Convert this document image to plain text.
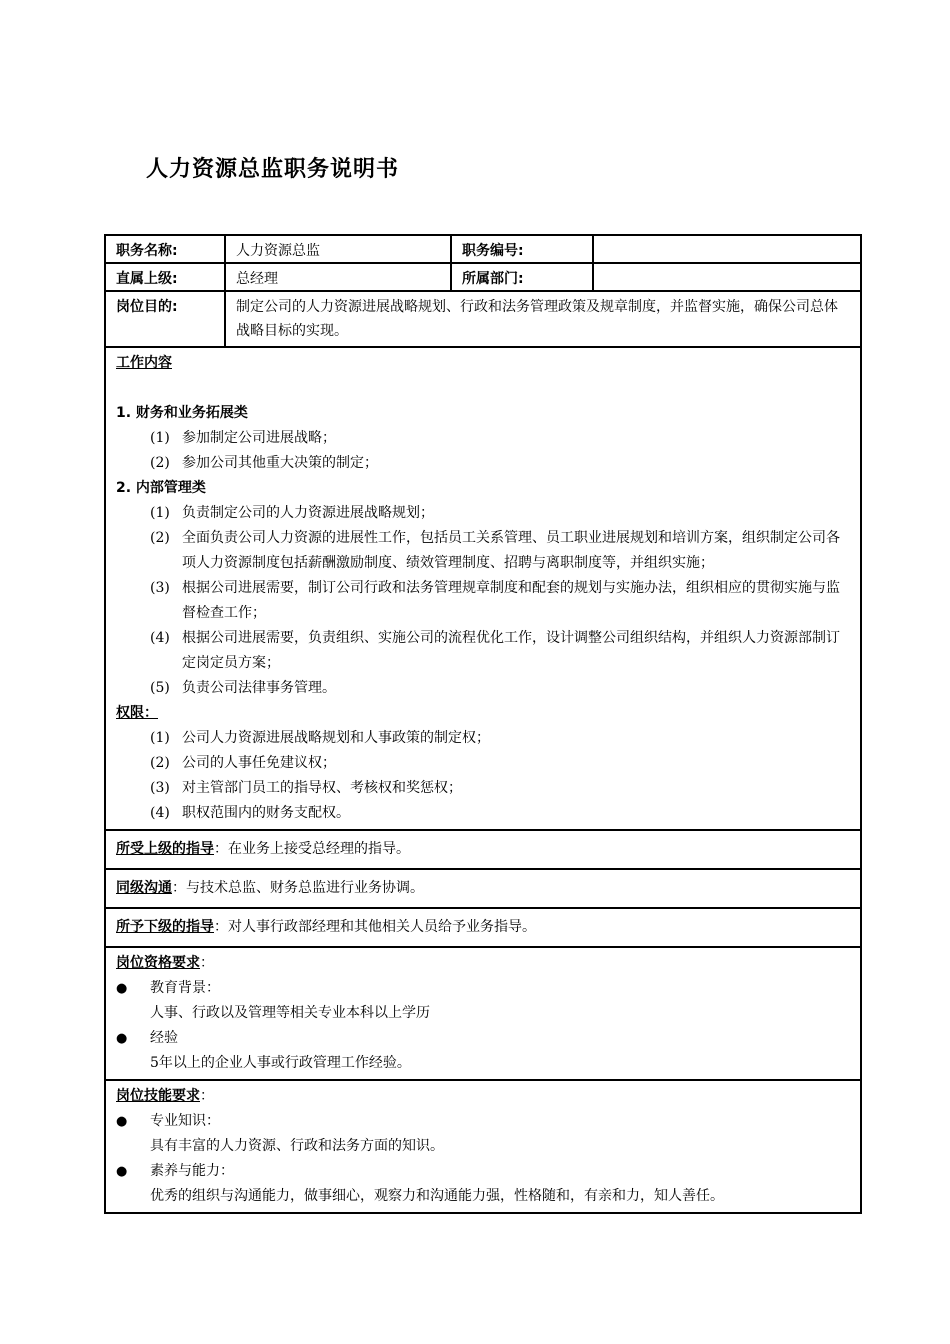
人力资源总监职务说明书
职务名称:	人力资源总监	职务编号:
直属上级:	总经理	所属部门:
岗位目的:	制定公司的人力资源进展战略规划、行政和法务管理政策及规章制度，并监督实施，确保公司总体战略目标的实现。
工作内容
1. 财务和业务拓展类
(1) 参加制定公司进展战略；
(2) 参加公司其他重大决策的制定；
2. 内部管理类
(1) 负责制定公司的人力资源进展战略规划；
(2) 全面负责公司人力资源的进展性工作，包括员工关系管理、员工职业进展规划和培训方案，组织制定公司各项人力资源制度包括薪酬激励制度、绩效管理制度、招聘与离职制度等，并组织实施；
(3) 根据公司进展需要，制订公司行政和法务管理规章制度和配套的规划与实施办法，组织相应的贯彻实施与监督检查工作；
(4) 根据公司进展需要，负责组织、实施公司的流程优化工作，设计调整公司组织结构，并组织人力资源部制订定岗定员方案；
(5) 负责公司法律事务管理。
权限：
(1) 公司人力资源进展战略规划和人事政策的制定权；
(2) 公司的人事任免建议权；
(3) 对主管部门员工的指导权、考核权和奖惩权；
(4) 职权范围内的财务支配权。
所受上级的指导：在业务上接受总经理的指导。
同级沟通：与技术总监、财务总监进行业务协调。
所予下级的指导：对人事行政部经理和其他相关人员给予业务指导。
岗位资格要求：
●	教育背景：
人事、行政以及管理等相关专业本科以上学历
●	经验
5年以上的企业人事或行政管理工作经验。
岗位技能要求：
●	专业知识：
具有丰富的人力资源、行政和法务方面的知识。
●	素养与能力：
优秀的组织与沟通能力，做事细心，观察力和沟通能力强，性格随和，有亲和力，知人善任。
